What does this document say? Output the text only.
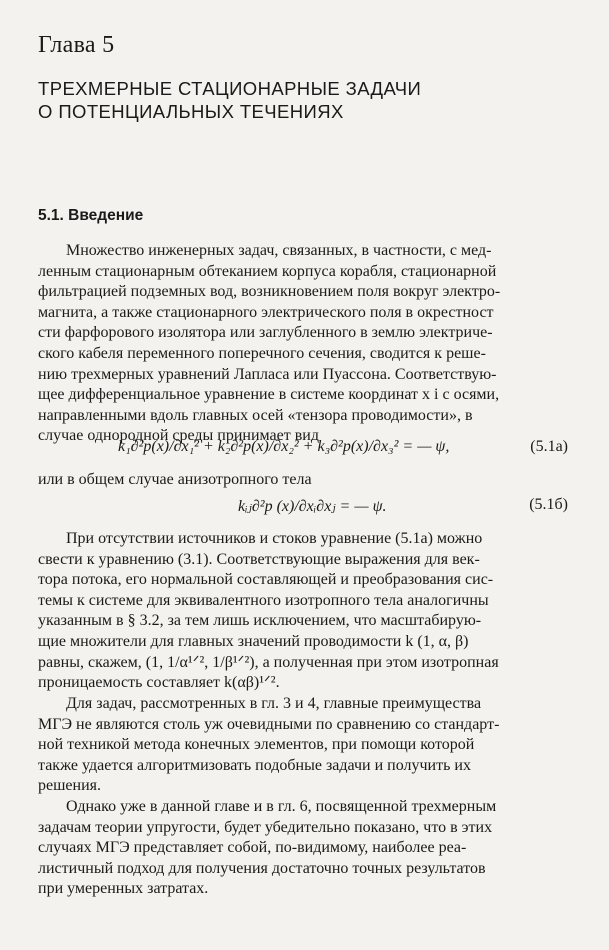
Глава 5
ТРЕХМЕРНЫЕ СТАЦИОНАРНЫЕ ЗАДАЧИ
О ПОТЕНЦИАЛЬНЫХ ТЕЧЕНИЯХ
5.1. Введение

Множество инженерных задач, связанных, в частности, с мед-

ленным стационарным обтеканием корпуса корабля, стационарной
фильтрацией подземных вод, возникновением поля вокруг электро-
магнита, а также стационарного электрического поля в окрестност
сти фарфорового изолятора или заглубленного в землю электриче-
ского кабеля переменного поперечного сечения, сводится к реше-
нию трехмерных уравнений Лапласа или Пуассона. Соответствую-
щее дифференциальное уравнение в системе координат x i с осями,
направленными вдоль главных осей «тензора проводимости», в
случае однородной среды принимает вид
k₁∂²p(x)/∂x₁² + k₂∂²p(x)/∂x₂² + k₃∂²p(x)/∂x₃² = — ψ,	(5.1а)
или в общем случае анизотропного тела
kᵢⱼ∂²p (x)/∂xᵢ∂xⱼ = — ψ.	(5.1б)

При отсутствии источников и стоков уравнение (5.1а) можно

свести к уравнению (3.1). Соответствующие выражения для век-
тора потока, его нормальной составляющей и преобразования сис-
темы к системе для эквивалентного изотропного тела аналогичны
указанным в § 3.2, за тем лишь исключением, что масштабирую-
щие множители для главных значений проводимости k (1, α, β)
равны, скажем, (1, 1/α¹ᐟ², 1/β¹ᐟ²), а полученная при этом изотропная
проницаемость составляет k(αβ)¹ᐟ².

Для задач, рассмотренных в гл. 3 и 4, главные преимущества

МГЭ не являются столь уж очевидными по сравнению со стандарт-
ной техникой метода конечных элементов, при помощи которой
также удается алгоритмизовать подобные задачи и получить их
решения.

Однако уже в данной главе и в гл. 6, посвященной трехмерным

задачам теории упругости, будет убедительно показано, что в этих
случаях МГЭ представляет собой, по-видимому, наиболее реа-
листичный подход для получения достаточно точных результатов
при умеренных затратах.
